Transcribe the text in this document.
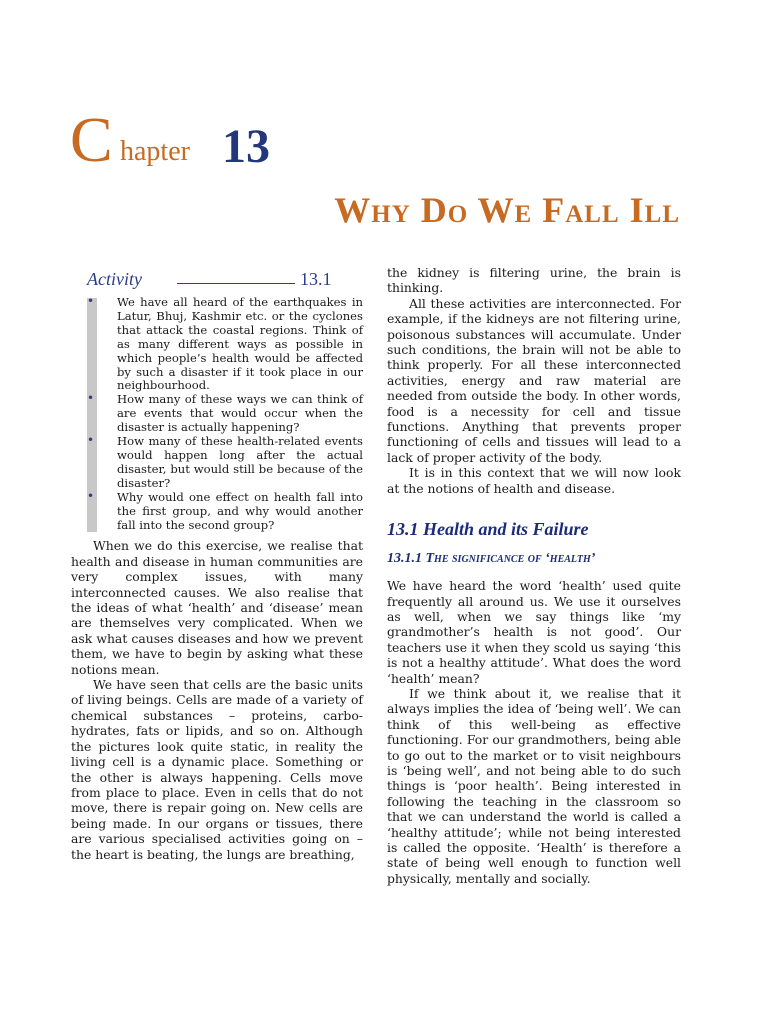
C hapter 13
Why Do We Fall Ill
Activity	13.1
• We have all heard of the earthquakes in Latur, Bhuj, Kashmir etc. or the cyclones that attack the coastal regions. Think of as many different ways as possible in which people’s health would be affected by such a disaster if it took place in our neighbourhood.
• How many of these ways we can think of are events that would occur when the disaster is actually happening?
• How many of these health-related events would happen long after the actual disaster, but would still be because of the disaster?
• Why would one effect on health fall into the first group, and why would another fall into the second group?

When we do this exercise, we realise that health and disease in human communities are very complex issues, with many interconnected causes. We also realise that the ideas of what ‘health’ and ‘disease’ mean are themselves very complicated. When we ask what causes diseases and how we prevent them, we have to begin by asking what these notions mean.

We have seen that cells are the basic units of living beings. Cells are made of a variety of chemical substances – proteins, carbo-hydrates, fats or lipids, and so on. Although the pictures look quite static, in reality the living cell is a dynamic place. Something or the other is always happening. Cells move from place to place. Even in cells that do not move, there is repair going on. New cells are being made. In our organs or tissues, there are various specialised activities going on – the heart is beating, the lungs are breathing,

the kidney is filtering urine, the brain is thinking.

All these activities are interconnected. For example, if the kidneys are not filtering urine, poisonous substances will accumulate. Under such conditions, the brain will not be able to think properly. For all these interconnected activities, energy and raw material are needed from outside the body. In other words, food is a necessity for cell and tissue functions. Anything that prevents proper functioning of cells and tissues will lead to a lack of proper activity of the body.

It is in this context that we will now look at the notions of health and disease.

13.1 Health and its Failure
13.1.1 The significance of ‘health’

We have heard the word ‘health’ used quite frequently all around us. We use it ourselves as well, when we say things like ‘my grandmother’s health is not good’. Our teachers use it when they scold us saying ‘this is not a healthy attitude’. What does the word ‘health’ mean?

If we think about it, we realise that it always implies the idea of ‘being well’. We can think of this well-being as effective functioning. For our grandmothers, being able to go out to the market or to visit neighbours is ‘being well’, and not being able to do such things is ‘poor health’. Being interested in following the teaching in the classroom so that we can understand the world is called a ‘healthy attitude’; while not being interested is called the opposite. ‘Health’ is therefore a state of being well enough to function well physically, mentally and socially.
